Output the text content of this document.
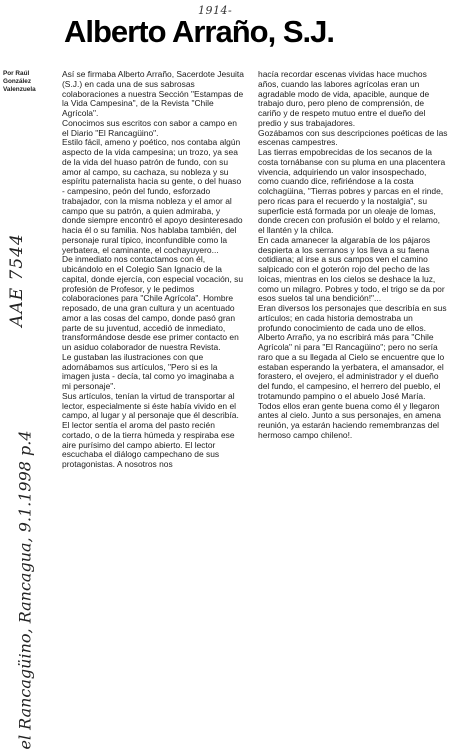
1914-
Alberto Arraño, S.J.
Por Raúl
González
Valenzuela
AAE 7544
el Rancagüino, Rancagua, 9.1.1998 p.4

Así se firmaba Alberto Arraño, Sacerdote Jesuita (S.J.) en cada una de sus sabrosas colaboraciones a nuestra Sección "Estampas de la Vida Campesina", de la Revista "Chile Agrícola".

Conocimos sus escritos con sabor a campo en el Diario "El Rancagüino".

Estilo fácil, ameno y poético, nos contaba algún aspecto de la vida campesina; un trozo, ya sea de la vida del huaso patrón de fundo, con su amor al campo, su cachaza, su nobleza y su espíritu paternalista hacia su gente, o del huaso - campesino, peón del fundo, esforzado trabajador, con la misma nobleza y el amor al campo que su patrón, a quien admiraba, y donde siempre encontró el apoyo desinteresado hacia él o su familia. Nos hablaba también, del personaje rural típico, inconfundible como la yerbatera, el caminante, el cochayuyero...

De inmediato nos contactamos con él, ubicándolo en el Colegio San Ignacio de la capital, donde ejercía, con especial vocación, su profesión de Profesor, y le pedimos colaboraciones para "Chile Agrícola". Hombre reposado, de una gran cultura y un acentuado amor a las cosas del campo, donde pasó gran parte de su juventud, accedió de inmediato, transformándose desde ese primer contacto en un asiduo colaborador de nuestra Revista.

Le gustaban las ilustraciones con que adornábamos sus artículos, "Pero si es la imagen justa - decía, tal como yo imaginaba a mi personaje".

Sus artículos, tenían la virtud de transportar al lector, especialmente si éste había vivido en el campo, al lugar y al personaje que él describía.

El lector sentía el aroma del pasto recién cortado, o de la tierra húmeda y respiraba ese aire purísimo del campo abierto. El lector escuchaba el diálogo campechano de sus protagonistas. A nosotros nos

hacía recordar escenas vividas hace muchos años, cuando las labores agrícolas eran un agradable modo de vida, apacible, aunque de trabajo duro, pero pleno de comprensión, de cariño y de respeto mutuo entre el dueño del predio y sus trabajadores.

Gozábamos con sus descripciones poéticas de las escenas campestres.

Las tierras empobrecidas de los secanos de la costa tornábanse con su pluma en una placentera vivencia, adquiriendo un valor insospechado, como cuando dice, refiriéndose a la costa colchagüina, "Tierras pobres y parcas en el rinde, pero ricas para el recuerdo y la nostalgia", su superficie está formada por un oleaje de lomas, donde crecen con profusión el boldo y el relamo, el llantén y la chilca.

En cada amanecer la algarabía de los pájaros despierta a los serranos y los lleva a su faena cotidiana; al irse a sus campos ven el camino salpicado con el goterón rojo del pecho de las loicas, mientras en los cielos se deshace la luz, como un milagro. Pobres y todo, el trigo se da por esos suelos tal una bendición!"...

Eran diversos los personajes que describía en sus artículos; en cada historia demostraba un profundo conocimiento de cada uno de ellos.

Alberto Arraño, ya no escribirá más para "Chile Agrícola" ni para "El Rancagüino"; pero no sería raro que a su llegada al Cielo se encuentre que lo estaban esperando la yerbatera, el amansador, el forastero, el ovejero, el administrador y el dueño del fundo, el campesino, el herrero del pueblo, el trotamundo pampino o el abuelo José María. Todos ellos eran gente buena como él y llegaron antes al cielo. Junto a sus personajes, en amena reunión, ya estarán haciendo remembranzas del hermoso campo chileno!.
